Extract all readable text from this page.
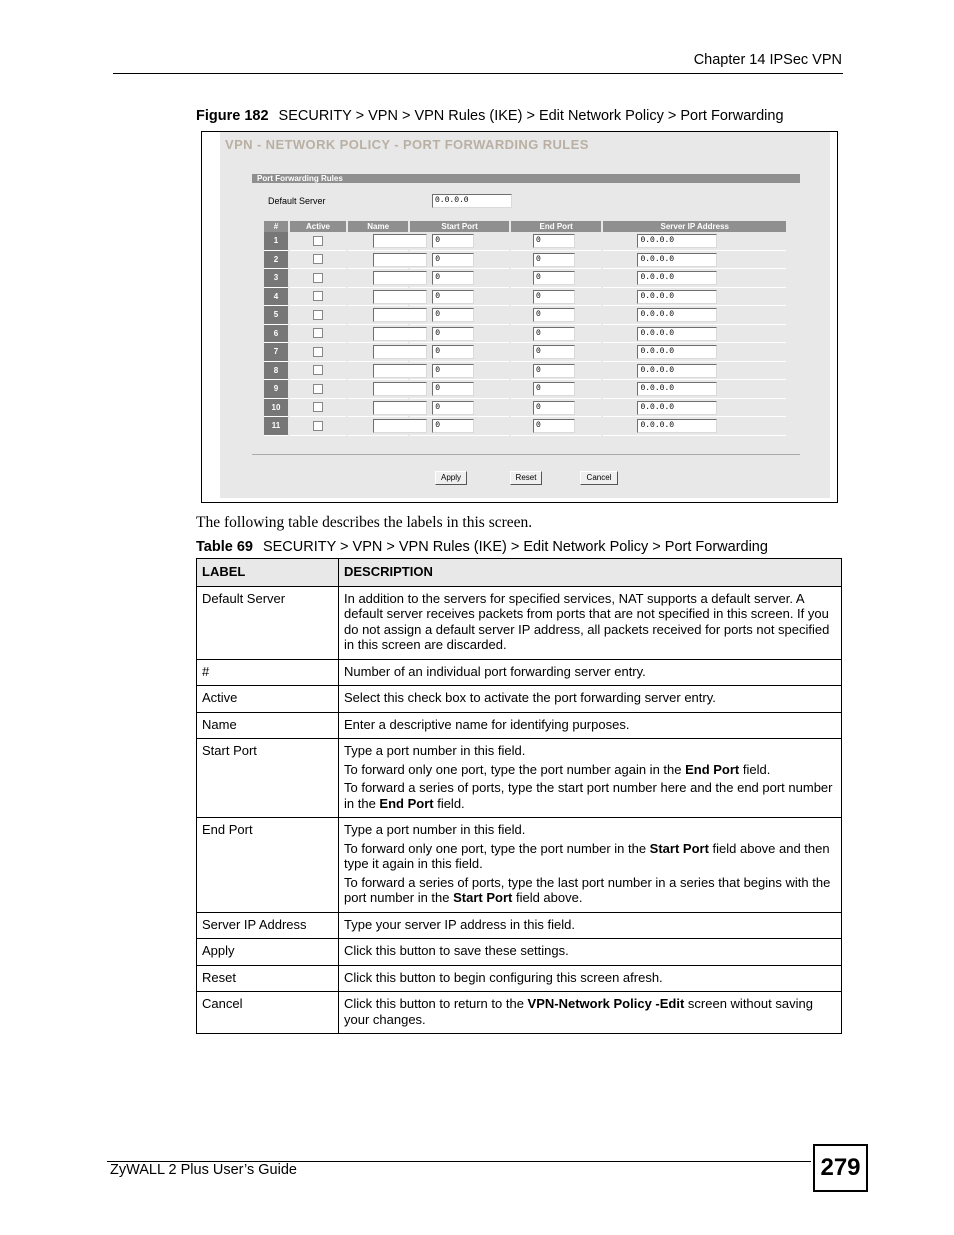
Chapter 14 IPSec VPN
Figure 182 SECURITY > VPN > VPN Rules (IKE) > Edit Network Policy > Port Forwarding
VPN - NETWORK POLICY - PORT FORWARDING RULES
Port Forwarding Rules
Default Server	0.0.0.0
#	Active	Name	Start Port	End Port	Server IP Address
1			0	0	0.0.0.0

2			0	0	0.0.0.0

3			0	0	0.0.0.0

4			0	0	0.0.0.0

5			0	0	0.0.0.0

6			0	0	0.0.0.0

7			0	0	0.0.0.0

8			0	0	0.0.0.0

9			0	0	0.0.0.0

10			0	0	0.0.0.0

11			0	0	0.0.0.0
Apply	Reset	Cancel
The following table describes the labels in this screen.
Table 69 SECURITY > VPN > VPN Rules (IKE) > Edit Network Policy > Port Forwarding
LABEL	DESCRIPTION
Default Server	In addition to the servers for specified services, NAT supports a default server. A default server receives packets from ports that are not specified in this screen. If you do not assign a default server IP address, all packets received for ports not specified in this screen are discarded.

#	Number of an individual port forwarding server entry.

Active	Select this check box to activate the port forwarding server entry.

Name	Enter a descriptive name for identifying purposes.

Start Port	Type a port number in this field.

To forward only one port, type the port number again in the End Port field.

To forward a series of ports, type the start port number here and the end port number in the End Port field.

End Port	Type a port number in this field.

To forward only one port, type the port number in the Start Port field above and then type it again in this field.

To forward a series of ports, type the last port number in a series that begins with the port number in the Start Port field above.

Server IP Address	Type your server IP address in this field.

Apply	Click this button to save these settings.

Reset	Click this button to begin configuring this screen afresh.

Cancel	Click this button to return to the VPN-Network Policy -Edit screen without saving your changes.

ZyWALL 2 Plus User’s Guide	279
